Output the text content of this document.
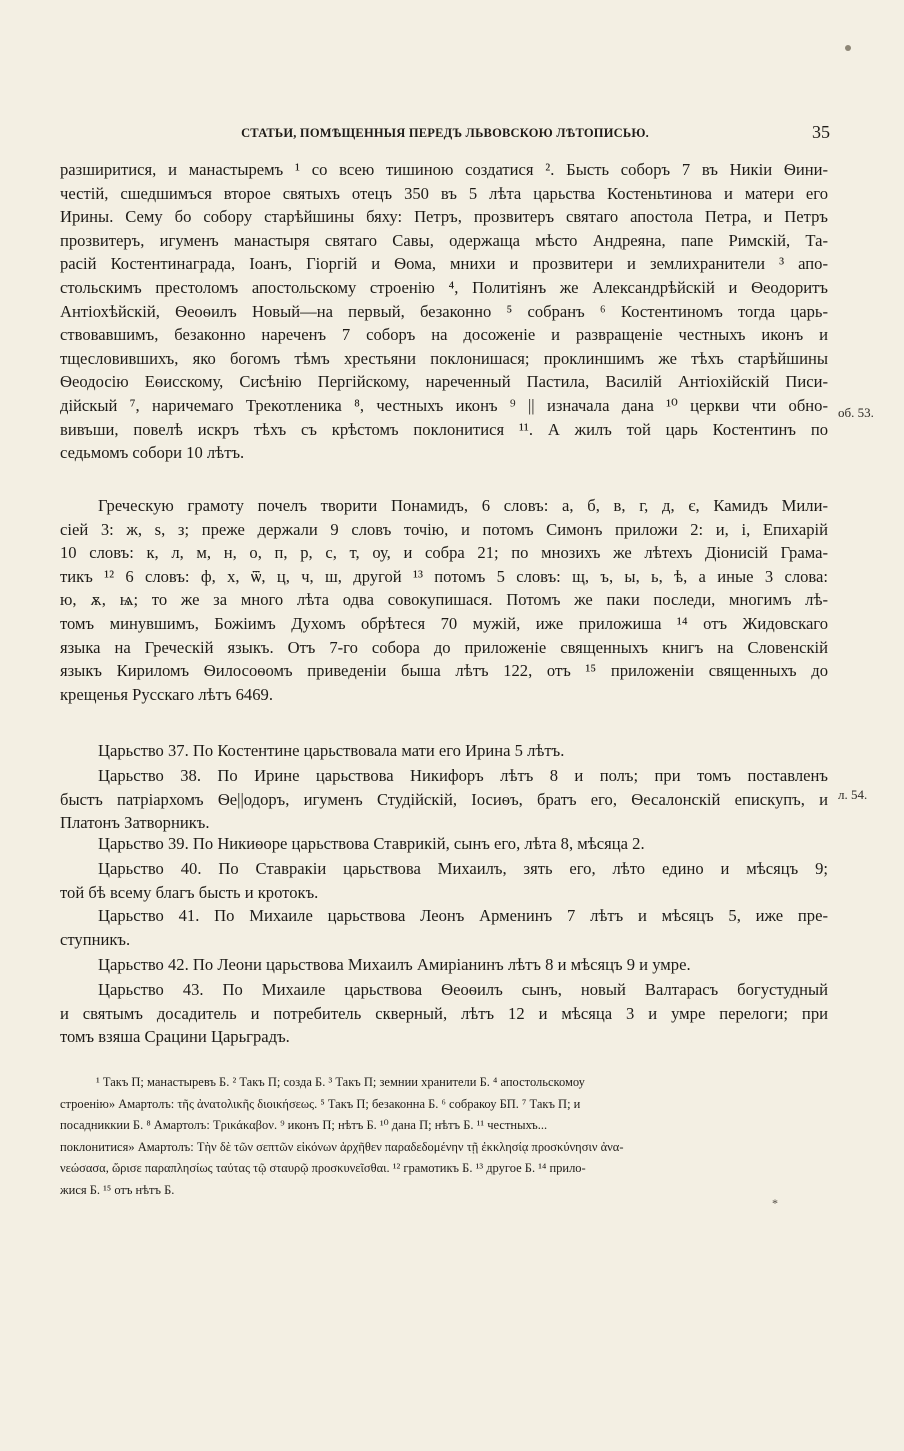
СТАТЬИ, ПОМѢЩЕННЫЯ ПЕРЕДЪ ЛЬВОВСКОЮ ЛѢТОПИСЬЮ.	35
разширитися, и манастыремъ ¹ со всею тишиною создатися ². Бысть соборъ 7 въ Никіи Ѳини-
честій, сшедшимъся второе святыхъ отецъ 350 въ 5 лѣта царьства Костеньтинова и матери его
Ирины. Сему бо собору старѣйшины бяху: Петръ, прозвитеръ святаго апостола Петра, и Петръ
прозвитеръ, игуменъ манастыря святаго Савы, одержаща мѣсто Андреяна, папе Римскій, Та-
расій Костентинаграда, Іоанъ, Гіоргій и Ѳома, мнихи и прозвитери и землихранители ³ апо-
стольскимъ престоломъ апостольскому строенію ⁴, Политіянъ же Александрѣйскій и Ѳеодоритъ
Антіохѣйскій, Ѳеоѳилъ Новый—на первый, безаконно ⁵ собранъ ⁶ Костентиномъ тогда царь-
ствовавшимъ, безаконно нареченъ 7 соборъ на досоженіе и развращеніе честныхъ иконъ и
тщесловившихъ, яко богомъ тѣмъ хрестьяни поклонишася; проклиншимъ же тѣхъ старѣйшины
Ѳеодосію Еѳисскому, Сисѣнію Пергійскому, нареченный Пастила, Василій Антіохійскій Писи-
дійскый ⁷, наричемаго Трекотленика ⁸, честныхъ иконъ ⁹ || изначала дана ¹⁰ церкви чти обно-
вивъши, повелѣ искръ тѣхъ съ крѣстомъ поклонитися ¹¹. А жилъ той царь Костентинъ по
седьмомъ собори 10 лѣтъ.
об. 53.
Греческую грамоту почелъ творити Понамидъ, 6 словъ: а, б, в, г, д, є, Камидъ Мили-
сіей 3: ж, ѕ, з; преже держали 9 словъ точію, и потомъ Симонъ приложи 2: и, і, Епихарій
10 словъ: к, л, м, н, о, п, р, с, т, оу, и собра 21; по мнозихъ же лѣтехъ Діонисій Грама-
тикъ ¹² 6 словъ: ф, х, ѿ, ц, ч, ш, другой ¹³ потомъ 5 словъ: щ, ъ, ы, ь, ѣ, а иные 3 слова:
ю, ѫ, ѩ; то же за много лѣта одва совокупишася. Потомъ же паки последи, многимъ лѣ-
томъ минувшимъ, Божіимъ Духомъ обрѣтеся 70 мужій, иже приложиша ¹⁴ отъ Жидовскаго
языка на Греческій языкъ. Отъ 7-го собора до приложеніе священныхъ книгъ на Словенскій
языкъ Кириломъ Ѳилосоѳомъ приведеніи быша лѣтъ 122, отъ ¹⁵ приложеніи священныхъ до
крещенья Русскаго лѣтъ 6469.
Царьство 37. По Костентине царьствовала мати его Ирина 5 лѣтъ.
Царьство 38. По Ирине царьствова Никифоръ лѣтъ 8 и полъ; при томъ поставленъ
быстъ патріархомъ Ѳе||одоръ, игуменъ Студійскій, Іосиѳъ, братъ его, Ѳесалонскій епискупъ, и
Платонъ Затворникъ.
л. 54.
Царьство 39. По Никиѳоре царьствова Ставрикій, сынъ его, лѣта 8, мѣсяца 2.
Царьство 40. По Ставракіи царьствова Михаилъ, зять его, лѣто едино и мѣсяцъ 9;
той бѣ всему благъ бысть и кротокъ.
Царьство 41. По Михаиле царьствова Леонъ Арменинъ 7 лѣтъ и мѣсяцъ 5, иже пре-
ступникъ.
Царьство 42. По Леони царьствова Михаилъ Амиріанинъ лѣтъ 8 и мѣсяцъ 9 и умре.
Царьство 43. По Михаиле царьствова Ѳеоѳилъ сынъ, новый Валтарасъ богустудный
и святымъ досадитель и потребитель скверный, лѣтъ 12 и мѣсяца 3 и умре перелоги; при
томъ взяша Срацини Царьградъ.
¹ Такъ П; манастыревъ Б. ² Такъ П; созда Б. ³ Такъ П; земнии хранители Б. ⁴ апостольскомоу
строенію» Амартолъ: τῆς ἀνατολικῆς διοικήσεως. ⁵ Такъ П; безаконна Б. ⁶ собракоу БП. ⁷ Такъ П; и
посадниккии Б. ⁸ Амартолъ: Τρικάκαβον. ⁹ иконъ П; нѣтъ Б. ¹⁰ дана П; нѣтъ Б. ¹¹ честныхъ...
поклонитися» Амартолъ: Τὴν δὲ τῶν σεπτῶν εἰκόνων ἀρχῆθεν παραδεδομένην τῇ ἐκκλησίᾳ προσκύνησιν ἀνα-
νεώσασα, ὥρισε παραπλησίως ταύτας τῷ σταυρῷ προσκυνεῖσθαι. ¹² грамотикъ Б. ¹³ другое Б. ¹⁴ прило-
жися Б. ¹⁵ отъ нѣтъ Б.
*
